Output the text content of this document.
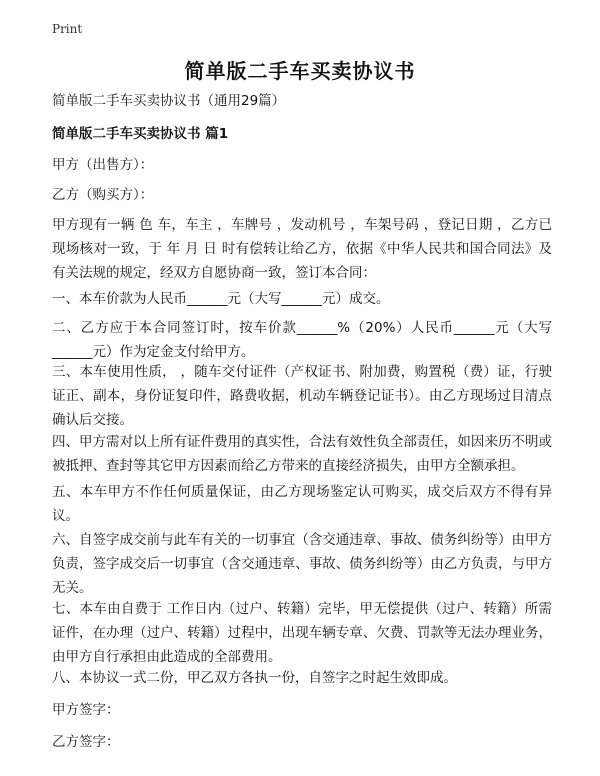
Print
简单版二手车买卖协议书

简单版二手车买卖协议书（通用29篇）

简单版二手车买卖协议书 篇1

甲方（出售方）：

乙方（购买方）：

甲方现有一辆 色 车，车主 ，车牌号 ，发动机号 ，车架号码 ，登记日期 ，乙方已现场核对一致，于 年 月 日 时有偿转让给乙方，依据《中华人民共和国合同法》及有关法规的规定，经双方自愿协商一致，签订本合同：

一、本车价款为人民币______元（大写______元）成交。

二、乙方应于本合同签订时，按车价款______%（20%）人民币______元（大写______元）作为定金支付给甲方。

三、本车使用性质， ，随车交付证件（产权证书、附加费，购置税（费）证，行驶证正、副本，身份证复印件，路费收据，机动车辆登记证书）。由乙方现场过目清点确认后交接。

四、甲方需对以上所有证件费用的真实性，合法有效性负全部责任，如因来历不明或被抵押、查封等其它甲方因素而给乙方带来的直接经济损失，由甲方全额承担。

五、本车甲方不作任何质量保证，由乙方现场鉴定认可购买，成交后双方不得有异议。

六、自签字成交前与此车有关的一切事宜（含交通违章、事故、债务纠纷等）由甲方负责，签字成交后一切事宜（含交通违章、事故、债务纠纷等）由乙方负责，与甲方无关。

七、本车由自费于 工作日内（过户、转籍）完毕，甲无偿提供（过户、转籍）所需证件，在办理（过户、转籍）过程中，出现车辆专章、欠费、罚款等无法办理业务，由甲方自行承担由此造成的全部费用。

八、本协议一式二份，甲乙双方各执一份，自签字之时起生效即成。

甲方签字：

乙方签字：
